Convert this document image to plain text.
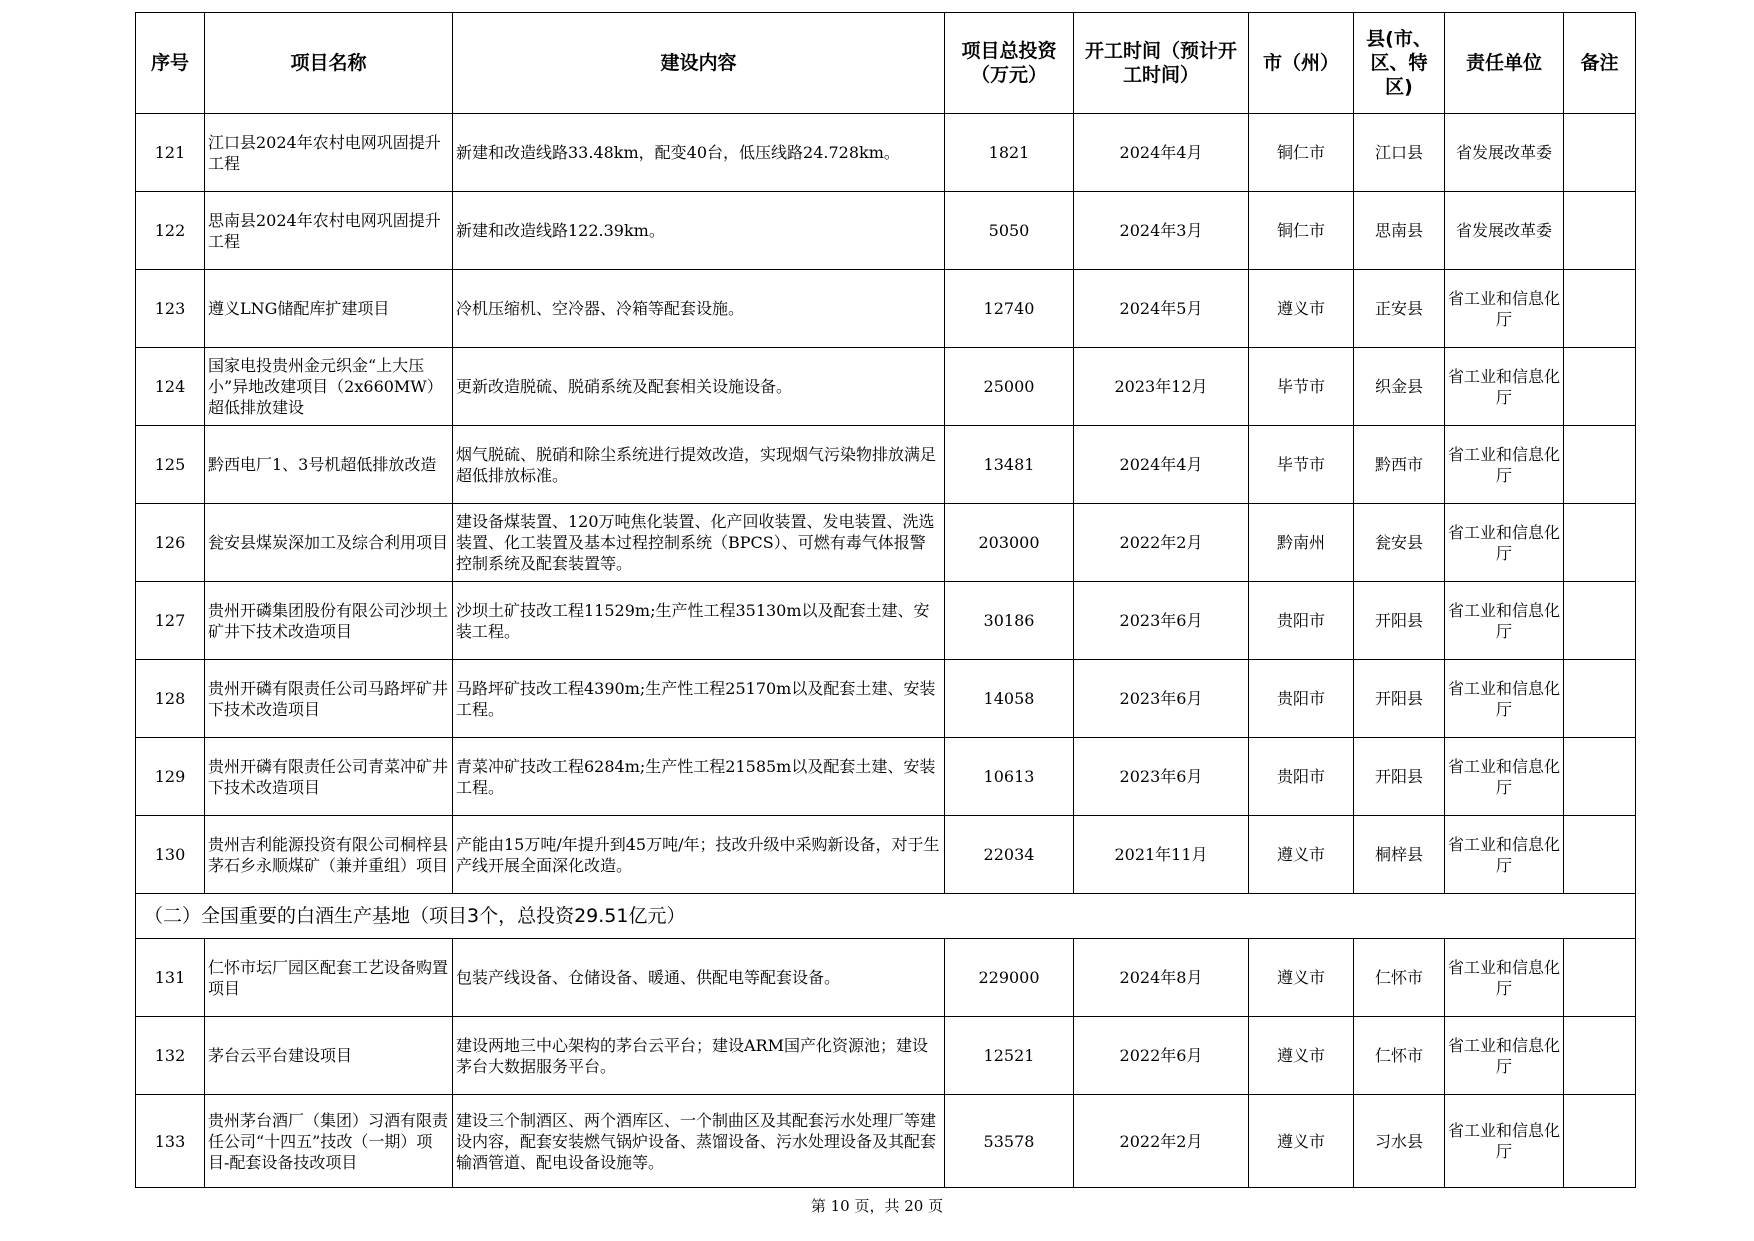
序号	项目名称	建设内容	项目总投资（万元）	开工时间（预计开工时间）	市（州）	县(市、区、特区)	责任单位	备注
121	江口县2024年农村电网巩固提升工程	新建和改造线路33.48km，配变40台，低压线路24.728km。	1821	2024年4月	铜仁市	江口县	省发展改革委	
122	思南县2024年农村电网巩固提升工程	新建和改造线路122.39km。	5050	2024年3月	铜仁市	思南县	省发展改革委	
123	遵义LNG储配库扩建项目	冷机压缩机、空冷器、冷箱等配套设施。	12740	2024年5月	遵义市	正安县	省工业和信息化厅	
124	国家电投贵州金元织金“上大压小”异地改建项目（2x660MW）超低排放建设	更新改造脱硫、脱硝系统及配套相关设施设备。	25000	2023年12月	毕节市	织金县	省工业和信息化厅	
125	黔西电厂1、3号机超低排放改造	烟气脱硫、脱硝和除尘系统进行提效改造，实现烟气污染物排放满足超低排放标准。	13481	2024年4月	毕节市	黔西市	省工业和信息化厅	
126	瓮安县煤炭深加工及综合利用项目	建设备煤装置、120万吨焦化装置、化产回收装置、发电装置、洗选装置、化工装置及基本过程控制系统（BPCS）、可燃有毒气体报警控制系统及配套装置等。	203000	2022年2月	黔南州	瓮安县	省工业和信息化厅	
127	贵州开磷集团股份有限公司沙坝土矿井下技术改造项目	沙坝土矿技改工程11529m;生产性工程35130m以及配套土建、安装工程。	30186	2023年6月	贵阳市	开阳县	省工业和信息化厅	
128	贵州开磷有限责任公司马路坪矿井下技术改造项目	马路坪矿技改工程4390m;生产性工程25170m以及配套土建、安装工程。	14058	2023年6月	贵阳市	开阳县	省工业和信息化厅	
129	贵州开磷有限责任公司青菜冲矿井下技术改造项目	青菜冲矿技改工程6284m;生产性工程21585m以及配套土建、安装工程。	10613	2023年6月	贵阳市	开阳县	省工业和信息化厅	
130	贵州吉利能源投资有限公司桐梓县茅石乡永顺煤矿（兼并重组）项目	产能由15万吨/年提升到45万吨/年；技改升级中采购新设备，对于生产线开展全面深化改造。	22034	2021年11月	遵义市	桐梓县	省工业和信息化厅	
（二）全国重要的白酒生产基地（项目3个，总投资29.51亿元）								
131	仁怀市坛厂园区配套工艺设备购置项目	包装产线设备、仓储设备、暖通、供配电等配套设备。	229000	2024年8月	遵义市	仁怀市	省工业和信息化厅	
132	茅台云平台建设项目	建设两地三中心架构的茅台云平台；建设ARM国产化资源池；建设茅台大数据服务平台。	12521	2022年6月	遵义市	仁怀市	省工业和信息化厅	
133	贵州茅台酒厂（集团）习酒有限责任公司“十四五”技改（一期）项目-配套设备技改项目	建设三个制酒区、两个酒库区、一个制曲区及其配套污水处理厂等建设内容，配套安装燃气锅炉设备、蒸馏设备、污水处理设备及其配套输酒管道、配电设备设施等。	53578	2022年2月	遵义市	习水县	省工业和信息化厅	
第 10 页，共 20 页
